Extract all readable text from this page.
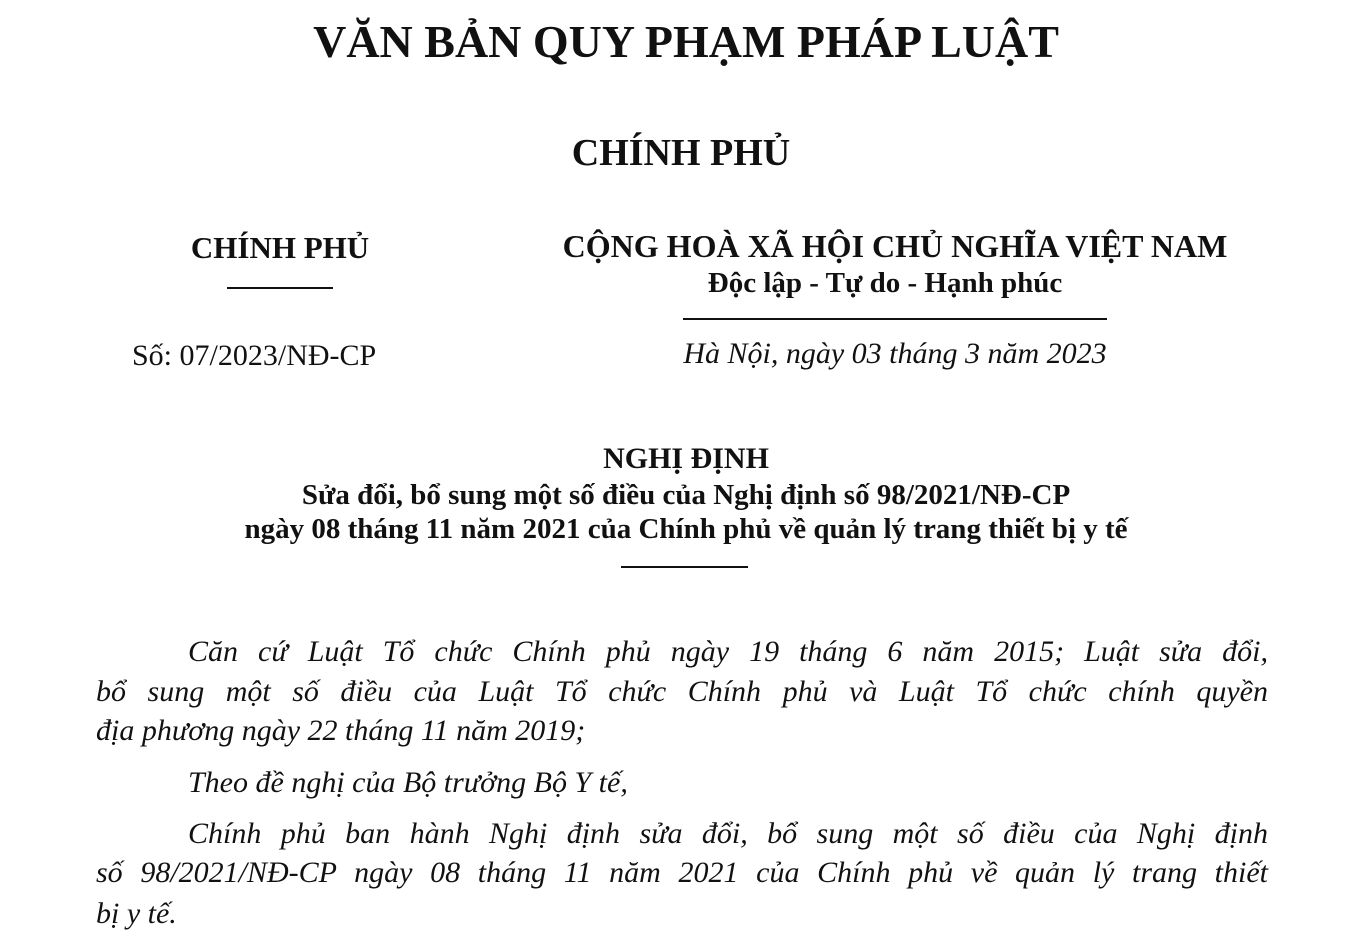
VĂN BẢN QUY PHẠM PHÁP LUẬT
CHÍNH PHỦ
CHÍNH PHỦ
Số: 07/2023/NĐ-CP
CỘNG HOÀ XÃ HỘI CHỦ NGHĨA VIỆT NAM
Độc lập - Tự do - Hạnh phúc
Hà Nội, ngày 03 tháng 3 năm 2023
NGHỊ ĐỊNH
Sửa đổi, bổ sung một số điều của Nghị định số 98/2021/NĐ-CP
ngày 08 tháng 11 năm 2021 của Chính phủ về quản lý trang thiết bị y tế
Căn cứ Luật Tổ chức Chính phủ ngày 19 tháng 6 năm 2015; Luật sửa đổi,
bổ sung một số điều của Luật Tổ chức Chính phủ và Luật Tổ chức chính quyền
địa phương ngày 22 tháng 11 năm 2019;
Theo đề nghị của Bộ trưởng Bộ Y tế,
Chính phủ ban hành Nghị định sửa đổi, bổ sung một số điều của Nghị định
số 98/2021/NĐ-CP ngày 08 tháng 11 năm 2021 của Chính phủ về quản lý trang thiết
bị y tế.
